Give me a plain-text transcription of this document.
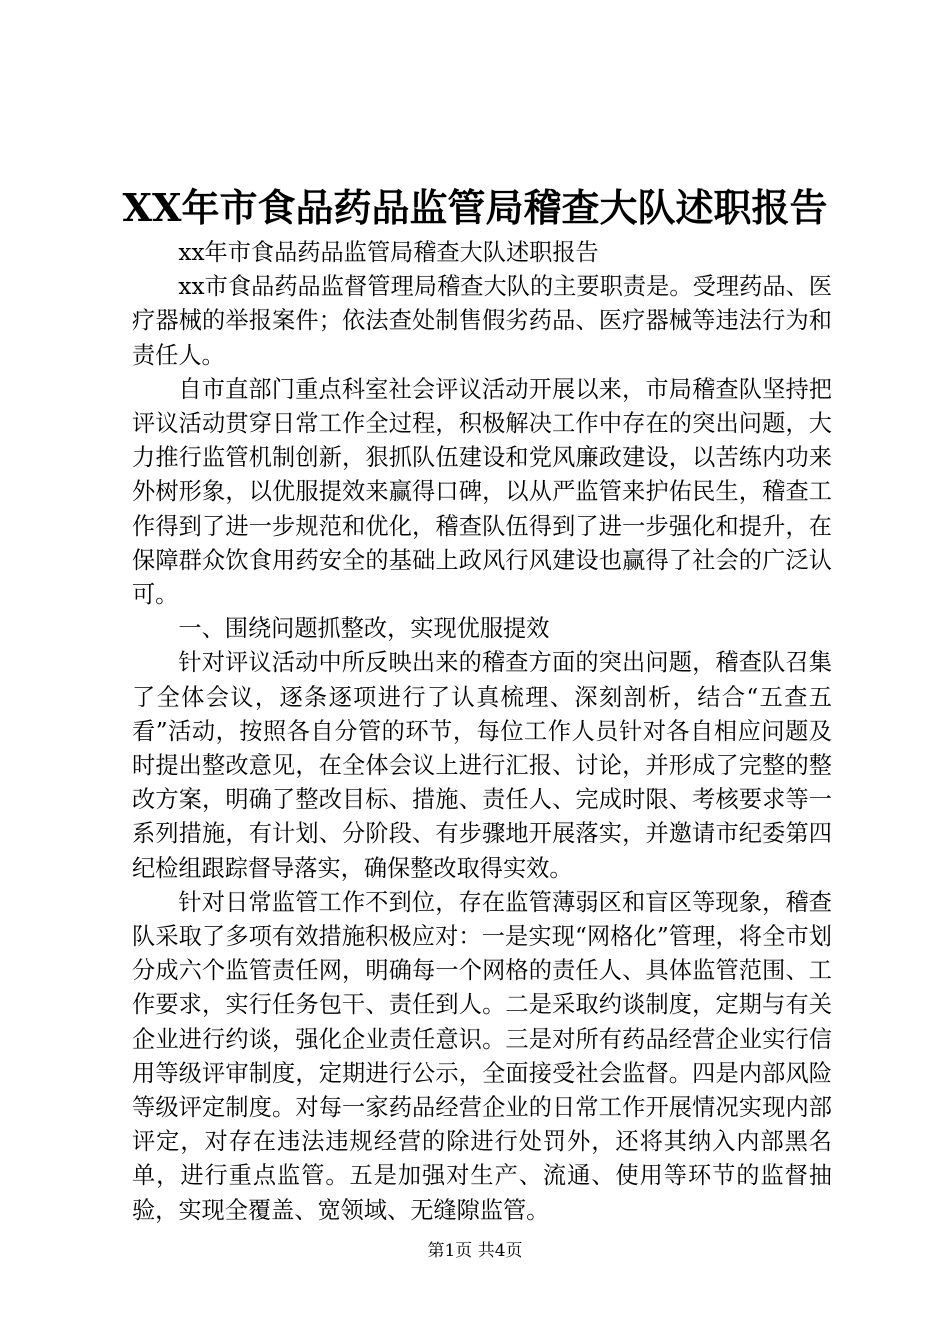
XX年市食品药品监管局稽查大队述职报告

xx年市食品药品监管局稽查大队述职报告

xx市食品药品监督管理局稽查大队的主要职责是。受理药品、医疗器械的举报案件；依法查处制售假劣药品、医疗器械等违法行为和责任人。

自市直部门重点科室社会评议活动开展以来，市局稽查队坚持把评议活动贯穿日常工作全过程，积极解决工作中存在的突出问题，大力推行监管机制创新，狠抓队伍建设和党风廉政建设，以苦练内功来外树形象，以优服提效来赢得口碑，以从严监管来护佑民生，稽查工作得到了进一步规范和优化，稽查队伍得到了进一步强化和提升，在保障群众饮食用药安全的基础上政风行风建设也赢得了社会的广泛认可。

一、围绕问题抓整改，实现优服提效

针对评议活动中所反映出来的稽查方面的突出问题，稽查队召集了全体会议，逐条逐项进行了认真梳理、深刻剖析，结合“五查五看”活动，按照各自分管的环节，每位工作人员针对各自相应问题及时提出整改意见，在全体会议上进行汇报、讨论，并形成了完整的整改方案，明确了整改目标、措施、责任人、完成时限、考核要求等一系列措施，有计划、分阶段、有步骤地开展落实，并邀请市纪委第四纪检组跟踪督导落实，确保整改取得实效。

针对日常监管工作不到位，存在监管薄弱区和盲区等现象，稽查队采取了多项有效措施积极应对：一是实现“网格化”管理，将全市划分成六个监管责任网，明确每一个网格的责任人、具体监管范围、工作要求，实行任务包干、责任到人。二是采取约谈制度，定期与有关企业进行约谈，强化企业责任意识。三是对所有药品经营企业实行信用等级评审制度，定期进行公示，全面接受社会监督。四是内部风险等级评定制度。对每一家药品经营企业的日常工作开展情况实现内部评定，对存在违法违规经营的除进行处罚外，还将其纳入内部黑名单，进行重点监管。五是加强对生产、流通、使用等环节的监督抽验，实现全覆盖、宽领域、无缝隙监管。

第1页 共4页
